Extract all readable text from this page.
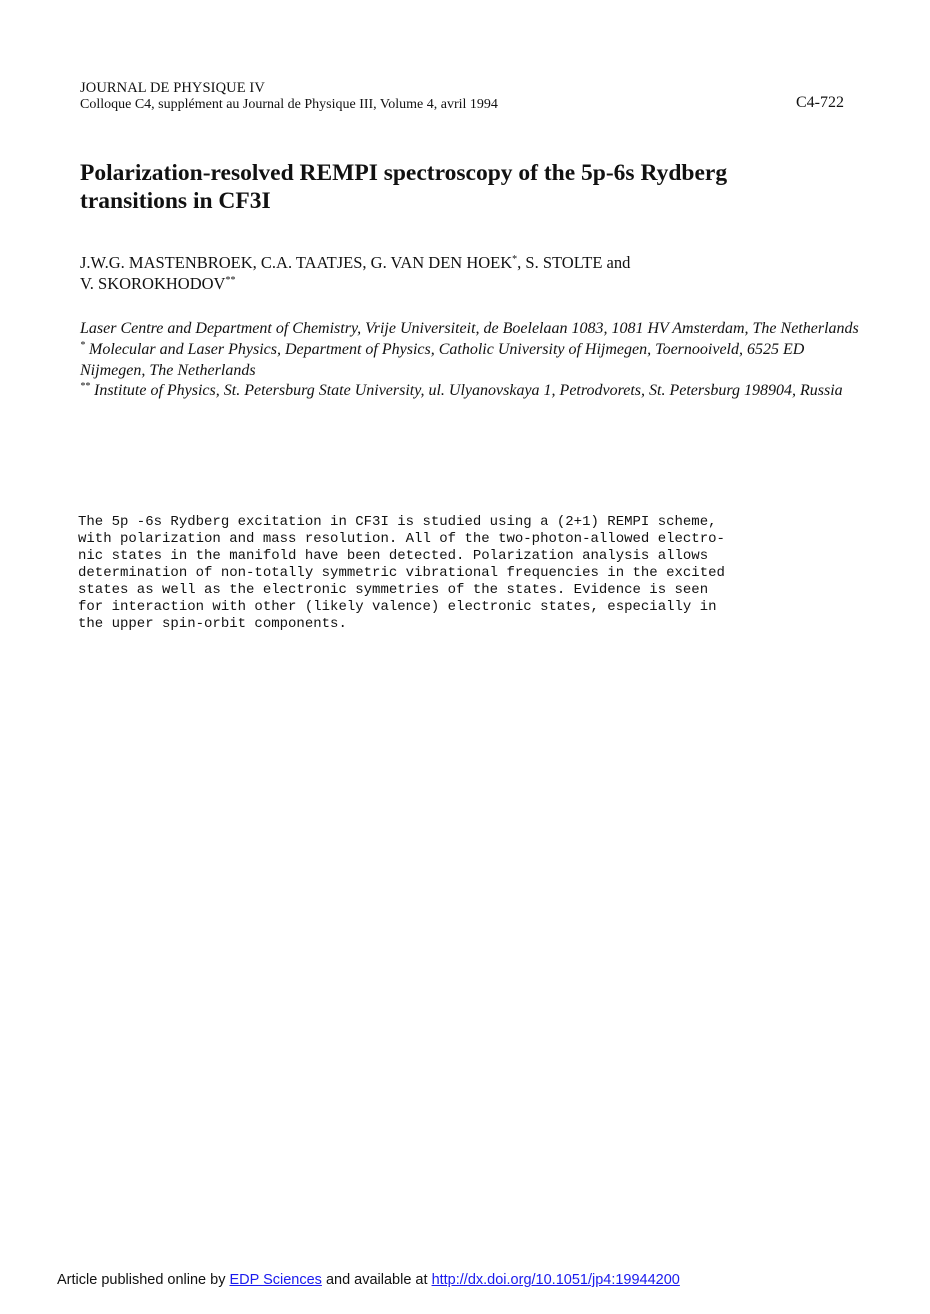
JOURNAL DE PHYSIQUE IV
Colloque C4, supplément au Journal de Physique III, Volume 4, avril 1994	C4-722
Polarization-resolved REMPI spectroscopy of the 5p-6s Rydberg
transitions in CF3I
J.W.G. MASTENBROEK, C.A. TAATJES, G. VAN DEN HOEK*, S. STOLTE and
V. SKOROKHODOV**

Laser Centre and Department of Chemistry, Vrije Universiteit, de Boelelaan 1083, 1081 HV Amsterdam, The Netherlands

* Molecular and Laser Physics, Department of Physics, Catholic University of Hijmegen, Toernooiveld, 6525 ED Nijmegen, The Netherlands

** Institute of Physics, St. Petersburg State University, ul. Ulyanovskaya 1, Petrodvorets, St. Petersburg 198904, Russia

The 5p -6s Rydberg excitation in CF3I is studied using a (2+1) REMPI scheme,
with polarization and mass resolution. All of the two-photon-allowed electro-
nic states in the manifold have been detected. Polarization analysis allows
determination of non-totally symmetric vibrational frequencies in the excited
states as well as the electronic symmetries of the states. Evidence is seen
for interaction with other (likely valence) electronic states, especially in
the upper spin-orbit components.
Article published online by EDP Sciences and available at http://dx.doi.org/10.1051/jp4:19944200
